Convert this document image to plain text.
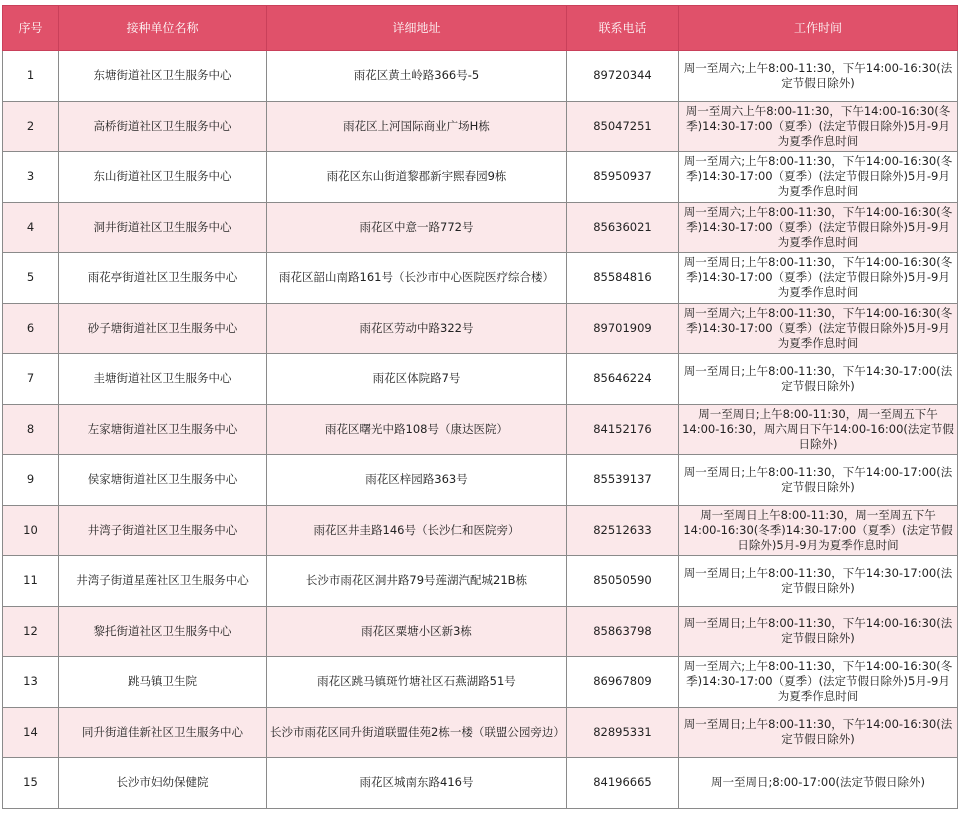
序号	接种单位名称	详细地址	联系电话	工作时间
1	东塘街道社区卫生服务中心	雨花区黄土岭路366号-5	89720344	周一至周六;上午8:00-11:30，下午14:00-16:30(法定节假日除外)
2	高桥街道社区卫生服务中心	雨花区上河国际商业广场H栋	85047251	周一至周六上午8:00-11:30，下午14:00-16:30(冬季)14:30-17:00（夏季）(法定节假日除外)5月-9月为夏季作息时间
3	东山街道社区卫生服务中心	雨花区东山街道黎郡新宇熙春园9栋	85950937	周一至周六;上午8:00-11:30，下午14:00-16:30(冬季)14:30-17:00（夏季）(法定节假日除外)5月-9月为夏季作息时间
4	洞井街道社区卫生服务中心	雨花区中意一路772号	85636021	周一至周六;上午8:00-11:30，下午14:00-16:30(冬季)14:30-17:00（夏季）(法定节假日除外)5月-9月为夏季作息时间
5	雨花亭街道社区卫生服务中心	雨花区韶山南路161号（长沙市中心医院医疗综合楼）	85584816	周一至周日;上午8:00-11:30，下午14:00-16:30(冬季)14:30-17:00（夏季）(法定节假日除外)5月-9月为夏季作息时间
6	砂子塘街道社区卫生服务中心	雨花区劳动中路322号	89701909	周一至周六;上午8:00-11:30，下午14:00-16:30(冬季)14:30-17:00（夏季）(法定节假日除外)5月-9月为夏季作息时间
7	圭塘街道社区卫生服务中心	雨花区体院路7号	85646224	周一至周日;上午8:00-11:30，下午14:30-17:00(法定节假日除外)
8	左家塘街道社区卫生服务中心	雨花区曙光中路108号（康达医院）	84152176	周一至周日;上午8:00-11:30，周一至周五下午14:00-16:30，周六周日下午14:00-16:00(法定节假日除外)
9	侯家塘街道社区卫生服务中心	雨花区梓园路363号	85539137	周一至周日;上午8:00-11:30，下午14:00-17:00(法定节假日除外)
10	井湾子街道社区卫生服务中心	雨花区井圭路146号（长沙仁和医院旁）	82512633	周一至周日上午8:00-11:30，周一至周五下午14:00-16:30(冬季)14:30-17:00（夏季）(法定节假日除外)5月-9月为夏季作息时间
11	井湾子街道星莲社区卫生服务中心	长沙市雨花区洞井路79号莲湖汽配城21B栋	85050590	周一至周日;上午8:00-11:30，下午14:30-17:00(法定节假日除外)
12	黎托街道社区卫生服务中心	雨花区粟塘小区新3栋	85863798	周一至周日;上午8:00-11:30，下午14:00-16:30(法定节假日除外)
13	跳马镇卫生院	雨花区跳马镇斑竹塘社区石燕湖路51号	86967809	周一至周六;上午8:00-11:30，下午14:00-16:30(冬季)14:30-17:00（夏季）(法定节假日除外)5月-9月为夏季作息时间
14	同升街道佳新社区卫生服务中心	长沙市雨花区同升街道联盟佳苑2栋一楼（联盟公园旁边）	82895331	周一至周日;上午8:00-11:30，下午14:00-16:30(法定节假日除外)
15	长沙市妇幼保健院	雨花区城南东路416号	84196665	周一至周日;8:00-17:00(法定节假日除外)
